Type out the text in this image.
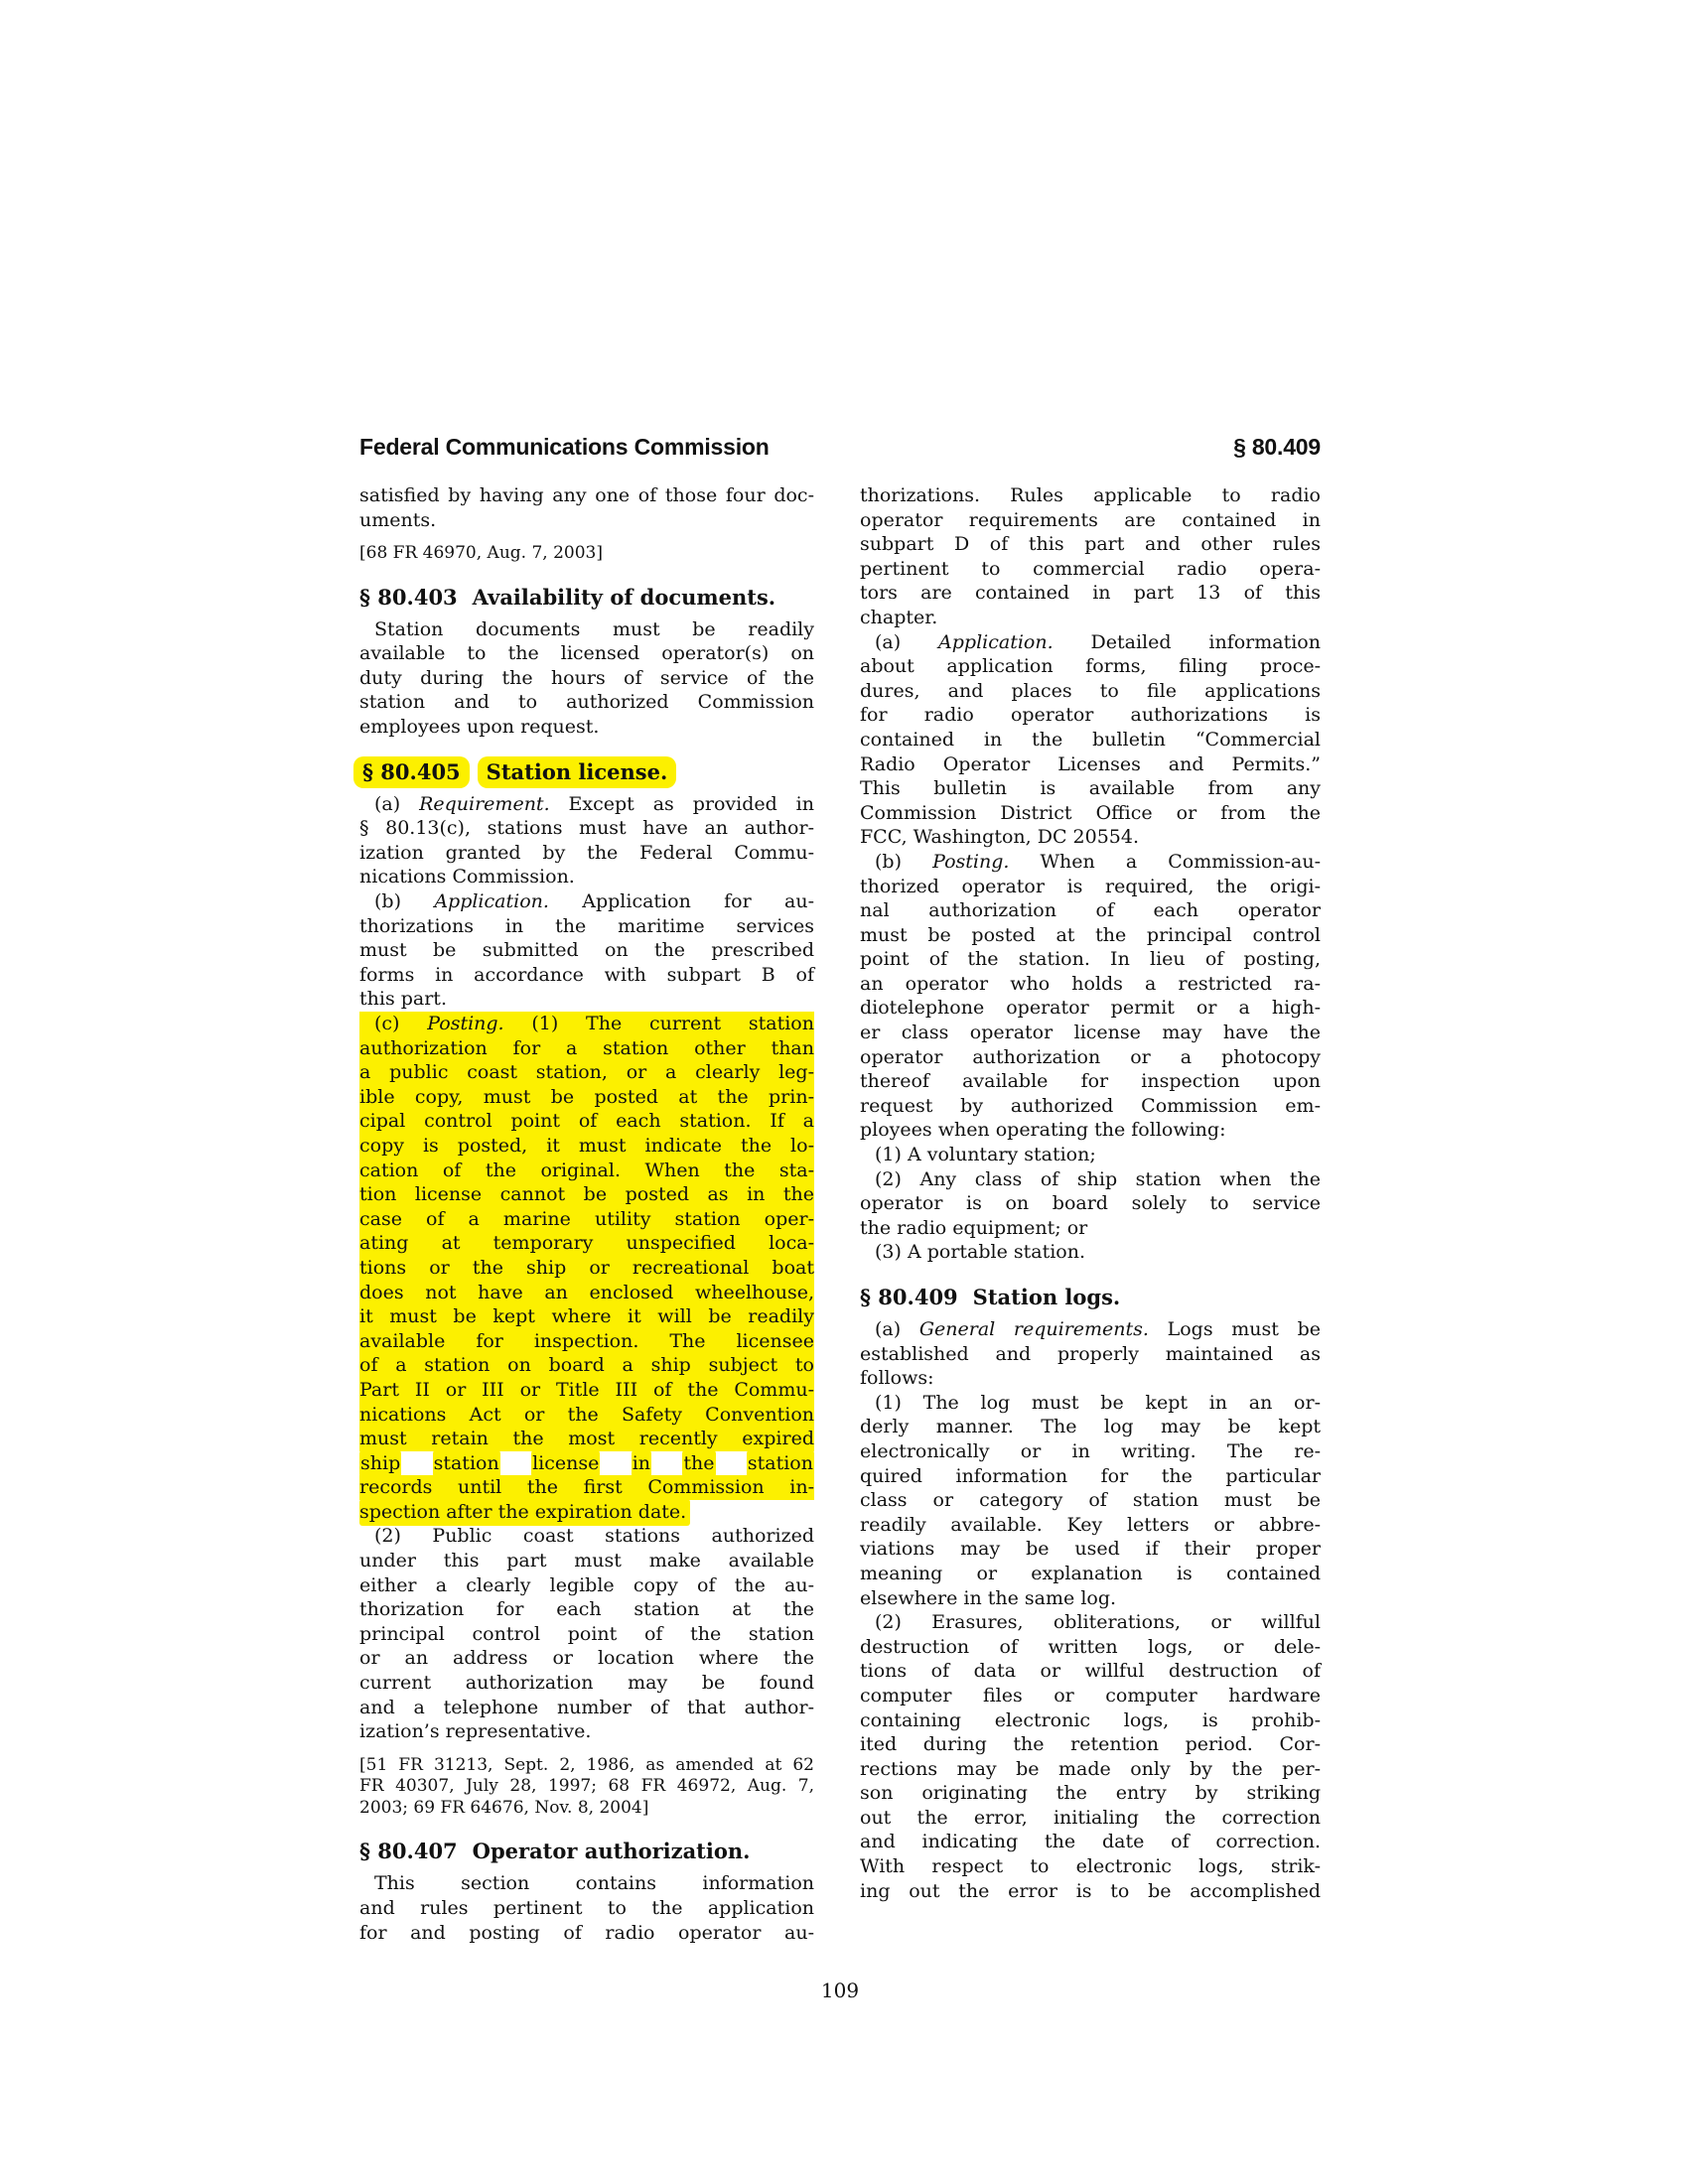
Federal Communications Commission	§ 80.409
satisfied by having any one of those four doc-
uments.
[68 FR 46970, Aug. 7, 2003]
§ 80.403 Availability of documents.
Station documents must be readily
available to the licensed operator(s) on
duty during the hours of service of the
station and to authorized Commission
employees upon request.
§ 80.405 Station license.
(a) Requirement. Except as provided in
§ 80.13(c), stations must have an author-
ization granted by the Federal Commu-
nications Commission.
(b) Application. Application for au-
thorizations in the maritime services
must be submitted on the prescribed
forms in accordance with subpart B of
this part.
(c) Posting. (1) The current station
authorization for a station other than
a public coast station, or a clearly leg-
ible copy, must be posted at the prin-
cipal control point of each station. If a
copy is posted, it must indicate the lo-
cation of the original. When the sta-
tion license cannot be posted as in the
case of a marine utility station oper-
ating at temporary unspecified loca-
tions or the ship or recreational boat
does not have an enclosed wheelhouse,
it must be kept where it will be readily
available for inspection. The licensee
of a station on board a ship subject to
Part II or III or Title III of the Commu-
nications Act or the Safety Convention
must retain the most recently expired
ship station license in the station
records until the first Commission in-
spection after the expiration date.
(2) Public coast stations authorized
under this part must make available
either a clearly legible copy of the au-
thorization for each station at the
principal control point of the station
or an address or location where the
current authorization may be found
and a telephone number of that author-
ization’s representative.
[51 FR 31213, Sept. 2, 1986, as amended at 62
FR 40307, July 28, 1997; 68 FR 46972, Aug. 7,
2003; 69 FR 64676, Nov. 8, 2004]
§ 80.407 Operator authorization.
This section contains information
and rules pertinent to the application
for and posting of radio operator au-
thorizations. Rules applicable to radio
operator requirements are contained in
subpart D of this part and other rules
pertinent to commercial radio opera-
tors are contained in part 13 of this
chapter.
(a) Application. Detailed information
about application forms, filing proce-
dures, and places to file applications
for radio operator authorizations is
contained in the bulletin “Commercial
Radio Operator Licenses and Permits.”
This bulletin is available from any
Commission District Office or from the
FCC, Washington, DC 20554.
(b) Posting. When a Commission-au-
thorized operator is required, the origi-
nal authorization of each operator
must be posted at the principal control
point of the station. In lieu of posting,
an operator who holds a restricted ra-
diotelephone operator permit or a high-
er class operator license may have the
operator authorization or a photocopy
thereof available for inspection upon
request by authorized Commission em-
ployees when operating the following:
(1) A voluntary station;
(2) Any class of ship station when the
operator is on board solely to service
the radio equipment; or
(3) A portable station.
§ 80.409 Station logs.
(a) General requirements. Logs must be
established and properly maintained as
follows:
(1) The log must be kept in an or-
derly manner. The log may be kept
electronically or in writing. The re-
quired information for the particular
class or category of station must be
readily available. Key letters or abbre-
viations may be used if their proper
meaning or explanation is contained
elsewhere in the same log.
(2) Erasures, obliterations, or willful
destruction of written logs, or dele-
tions of data or willful destruction of
computer files or computer hardware
containing electronic logs, is prohib-
ited during the retention period. Cor-
rections may be made only by the per-
son originating the entry by striking
out the error, initialing the correction
and indicating the date of correction.
With respect to electronic logs, strik-
ing out the error is to be accomplished
109
